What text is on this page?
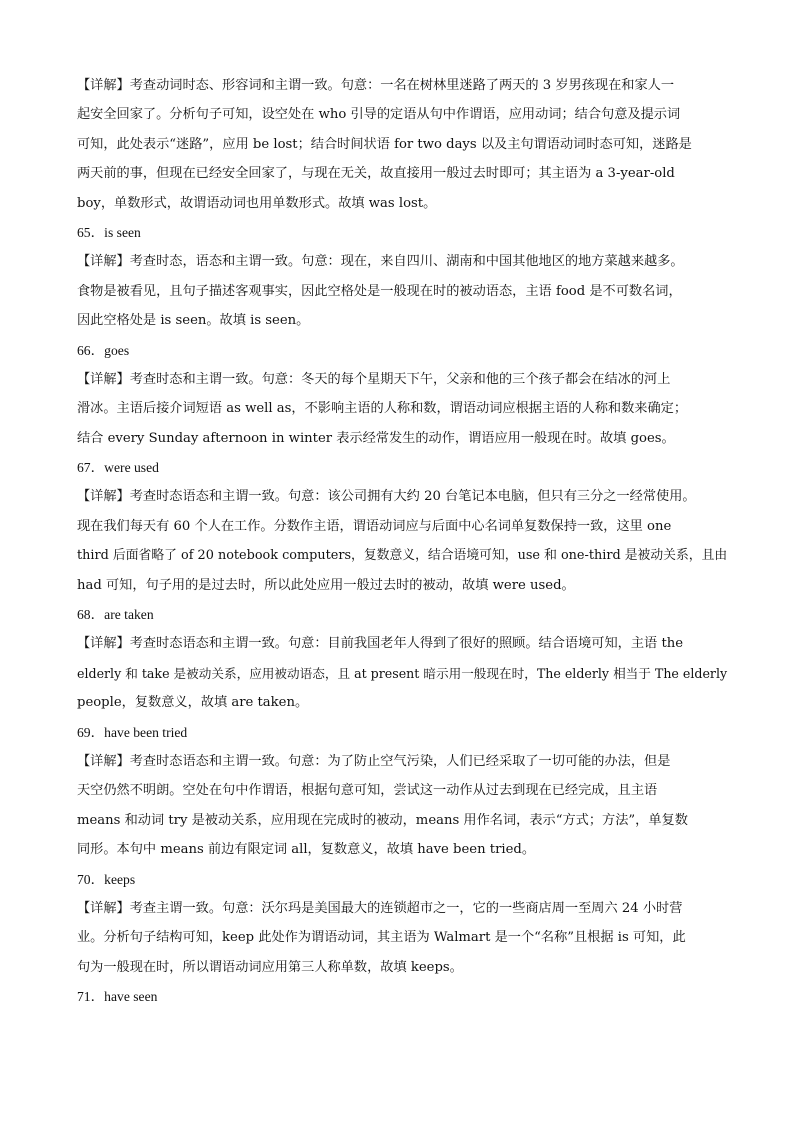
【详解】考查动词时态、形容词和主谓一致。句意：一名在树林里迷路了两天的 3 岁男孩现在和家人一
起安全回家了。分析句子可知，设空处在 who 引导的定语从句中作谓语，应用动词；结合句意及提示词
可知，此处表示“迷路”，应用 be lost；结合时间状语 for two days 以及主句谓语动词时态可知，迷路是
两天前的事，但现在已经安全回家了，与现在无关，故直接用一般过去时即可；其主语为 a 3-year-old
boy，单数形式，故谓语动词也用单数形式。故填 was lost。
65．is seen
【详解】考查时态，语态和主谓一致。句意：现在，来自四川、湖南和中国其他地区的地方菜越来越多。
食物是被看见，且句子描述客观事实，因此空格处是一般现在时的被动语态，主语 food 是不可数名词，
因此空格处是 is seen。故填 is seen。
66．goes
【详解】考查时态和主谓一致。句意：冬天的每个星期天下午，父亲和他的三个孩子都会在结冰的河上
滑冰。主语后接介词短语 as well as，不影响主语的人称和数，谓语动词应根据主语的人称和数来确定；
结合 every Sunday afternoon in winter 表示经常发生的动作，谓语应用一般现在时。故填 goes。
67．were used
【详解】考查时态语态和主谓一致。句意：该公司拥有大约 20 台笔记本电脑，但只有三分之一经常使用。
现在我们每天有 60 个人在工作。分数作主语，谓语动词应与后面中心名词单复数保持一致，这里 one
third 后面省略了 of 20 notebook computers，复数意义，结合语境可知，use 和 one-third 是被动关系，且由
had 可知，句子用的是过去时，所以此处应用一般过去时的被动，故填 were used。
68．are taken
【详解】考查时态语态和主谓一致。句意：目前我国老年人得到了很好的照顾。结合语境可知，主语 the
elderly 和 take 是被动关系，应用被动语态，且 at present 暗示用一般现在时，The elderly 相当于 The elderly
people，复数意义，故填 are taken。
69．have been tried
【详解】考查时态语态和主谓一致。句意：为了防止空气污染，人们已经采取了一切可能的办法，但是
天空仍然不明朗。空处在句中作谓语，根据句意可知，尝试这一动作从过去到现在已经完成，且主语
means 和动词 try 是被动关系，应用现在完成时的被动，means 用作名词，表示“方式；方法”，单复数
同形。本句中 means 前边有限定词 all，复数意义，故填 have been tried。
70．keeps
【详解】考查主谓一致。句意：沃尔玛是美国最大的连锁超市之一，它的一些商店周一至周六 24 小时营
业。分析句子结构可知，keep 此处作为谓语动词，其主语为 Walmart 是一个“名称”且根据 is 可知，此
句为一般现在时，所以谓语动词应用第三人称单数，故填 keeps。
71．have seen
